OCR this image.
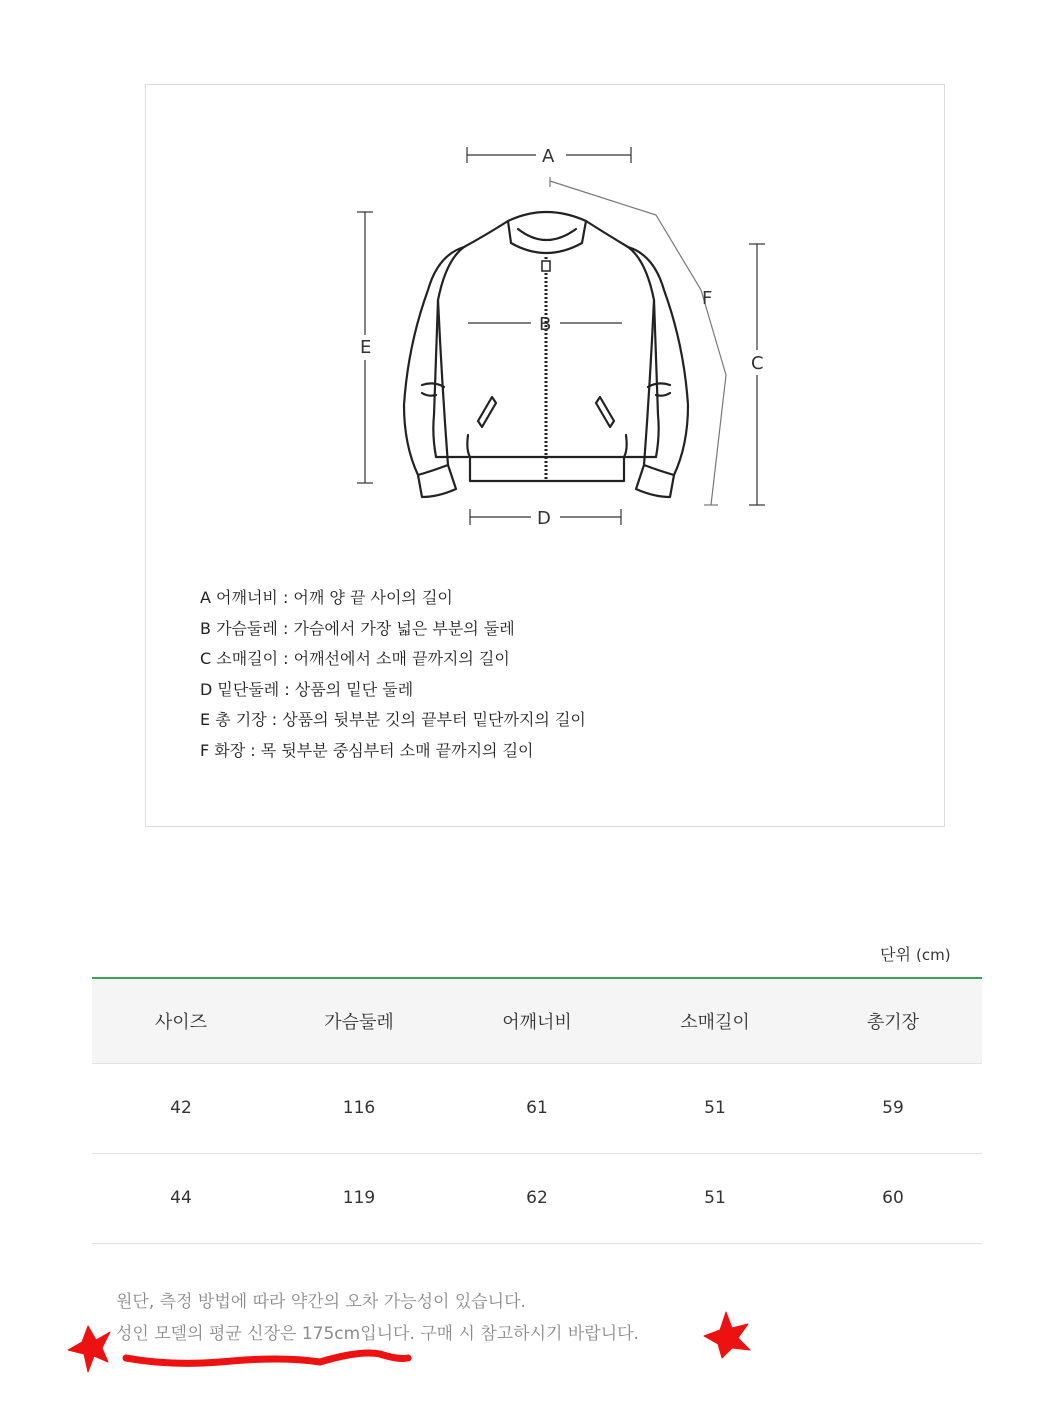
A
B
C
D
E
F
A 어깨너비 : 어깨 양 끝 사이의 길이
B 가슴둘레 : 가슴에서 가장 넓은 부분의 둘레
C 소매길이 : 어깨선에서 소매 끝까지의 길이
D 밑단둘레 : 상품의 밑단 둘레
E 총 기장 : 상품의 뒷부분 깃의 끝부터 밑단까지의 길이
F 화장 : 목 뒷부분 중심부터 소매 끝까지의 길이
단위 (cm)
사이즈	가슴둘레	어깨너비	소매길이	총기장
42	116	61	51	59
44	119	62	51	60

원단, 측정 방법에 따라 약간의 오차 가능성이 있습니다.

성인 모델의 평균 신장은 175cm입니다. 구매 시 참고하시기 바랍니다.
